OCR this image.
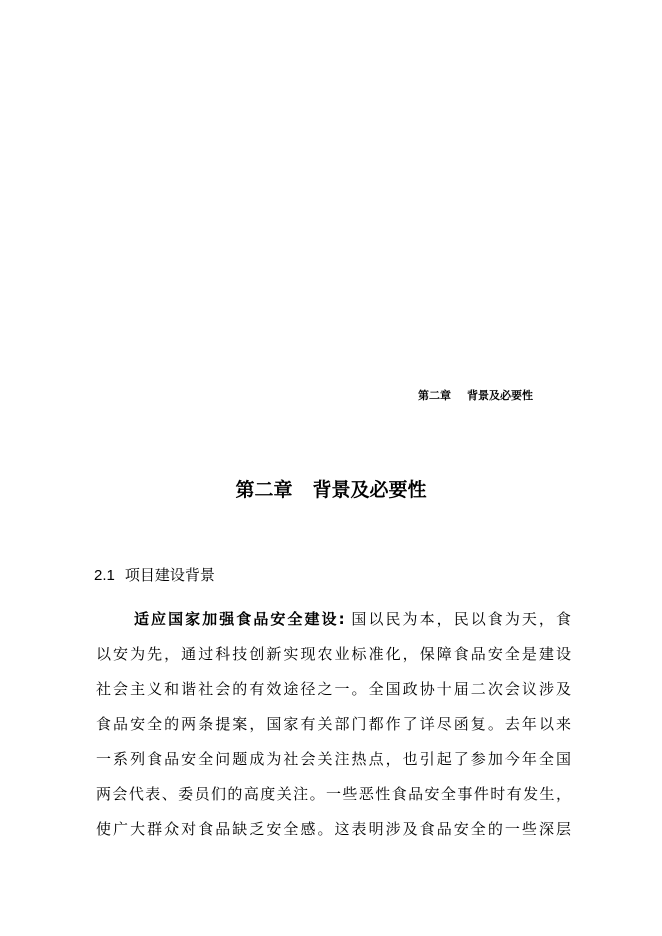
第二章 背景及必要性
第二章 背景及必要性
2.1 项目建设背景
适应国家加强食品安全建设: 国以民为本，民以食为天，食
以安为先，通过科技创新实现农业标准化，保障食品安全是建设
社会主义和谐社会的有效途径之一。全国政协十届二次会议涉及
食品安全的两条提案，国家有关部门都作了详尽函复。去年以来
一系列食品安全问题成为社会关注热点，也引起了参加今年全国
两会代表、委员们的高度关注。一些恶性食品安全事件时有发生，
使广大群众对食品缺乏安全感。这表明涉及食品安全的一些深层
